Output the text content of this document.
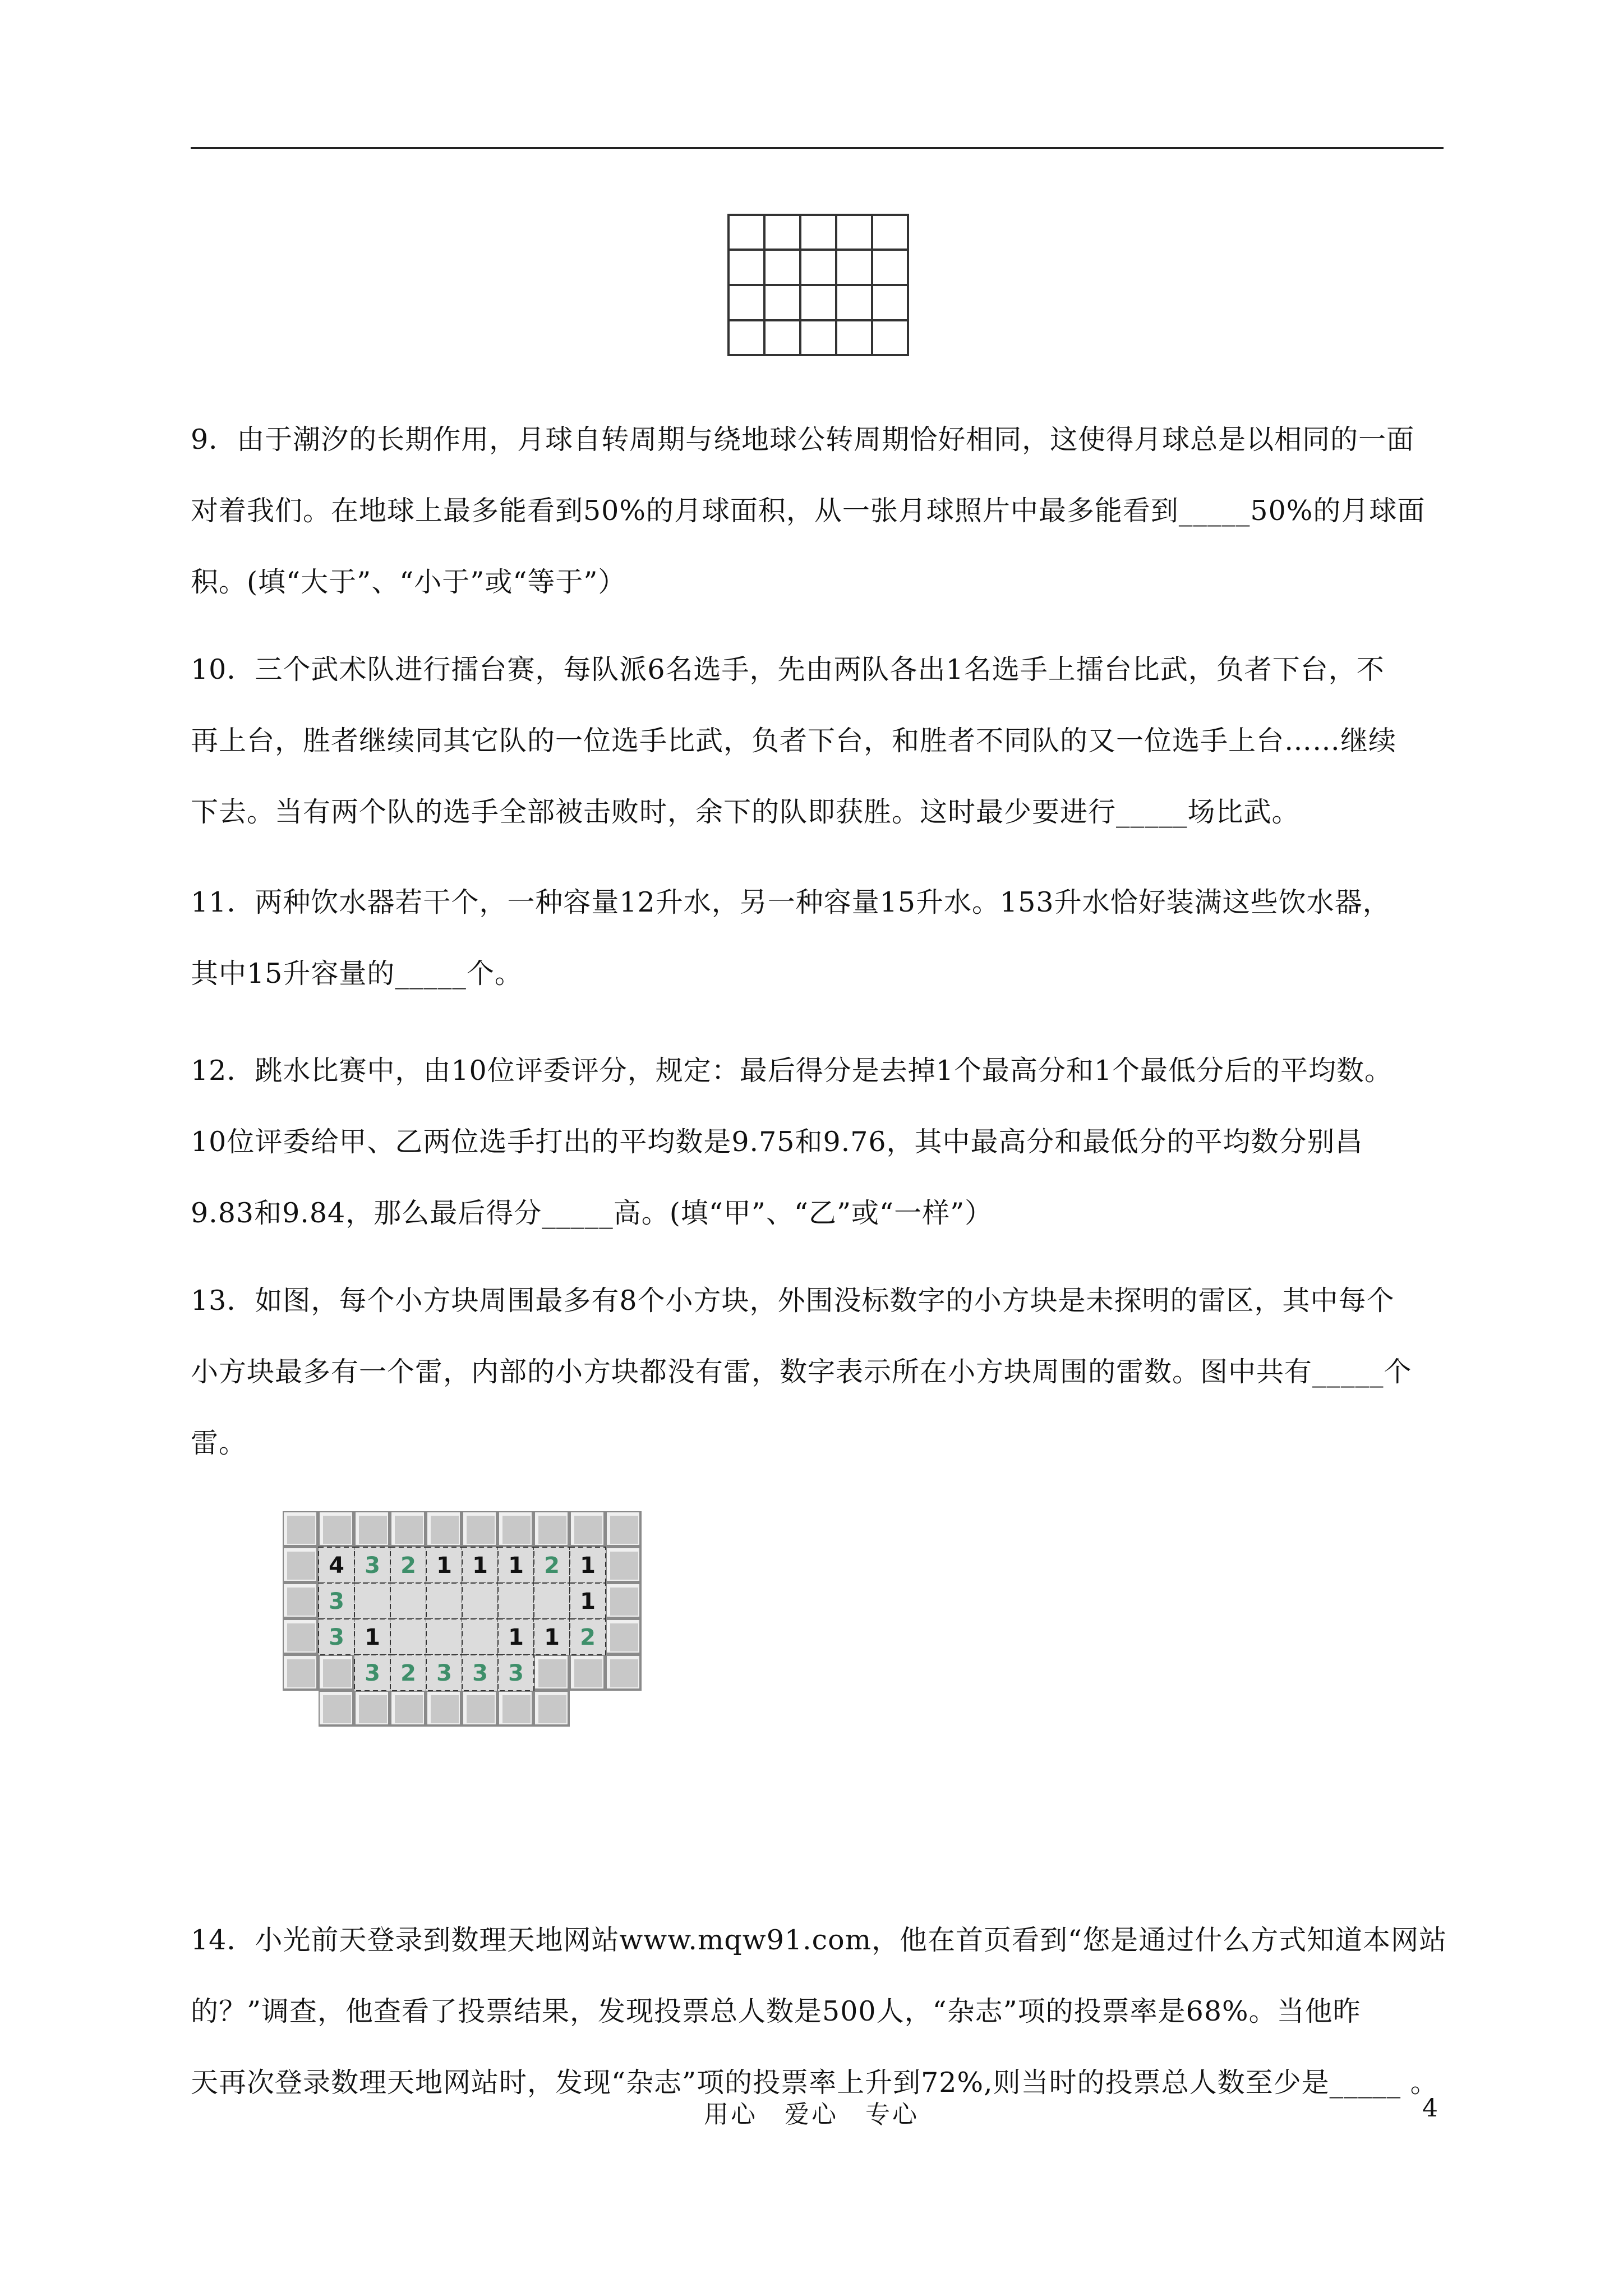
9．由于潮汐的长期作用，月球自转周期与绕地球公转周期恰好相同，这使得月球总是以相同的一面
对着我们。在地球上最多能看到50%的月球面积，从一张月球照片中最多能看到_____50%的月球面
积。(填“大于”、“小于”或“等于”）
10．三个武术队进行擂台赛，每队派6名选手，先由两队各出1名选手上擂台比武，负者下台，不
再上台，胜者继续同其它队的一位选手比武，负者下台，和胜者不同队的又一位选手上台……继续
下去。当有两个队的选手全部被击败时，余下的队即获胜。这时最少要进行_____场比武。
11．两种饮水器若干个，一种容量12升水，另一种容量15升水。153升水恰好装满这些饮水器，
其中15升容量的_____个。
12．跳水比赛中，由10位评委评分，规定：最后得分是去掉1个最高分和1个最低分后的平均数。
10位评委给甲、乙两位选手打出的平均数是9.75和9.76，其中最高分和最低分的平均数分别昌
9.83和9.84，那么最后得分_____高。(填“甲”、“乙”或“一样”）
13．如图，每个小方块周围最多有8个小方块，外围没标数字的小方块是未探明的雷区，其中每个
小方块最多有一个雷，内部的小方块都没有雷，数字表示所在小方块周围的雷数。图中共有_____个
雷。
4 3 2 1 1 1 2 1
3	1
3 1	1 1 2
3 2 3 3 3
14．小光前天登录到数理天地网站www.mqw91.com，他在首页看到“您是通过什么方式知道本网站
的？”调查，他查看了投票结果，发现投票总人数是500人，“杂志”项的投票率是68%。当他昨
天再次登录数理天地网站时，发现“杂志”项的投票率上升到72%,则当时的投票总人数至少是_____ 。
用心　爱心　专心	4
